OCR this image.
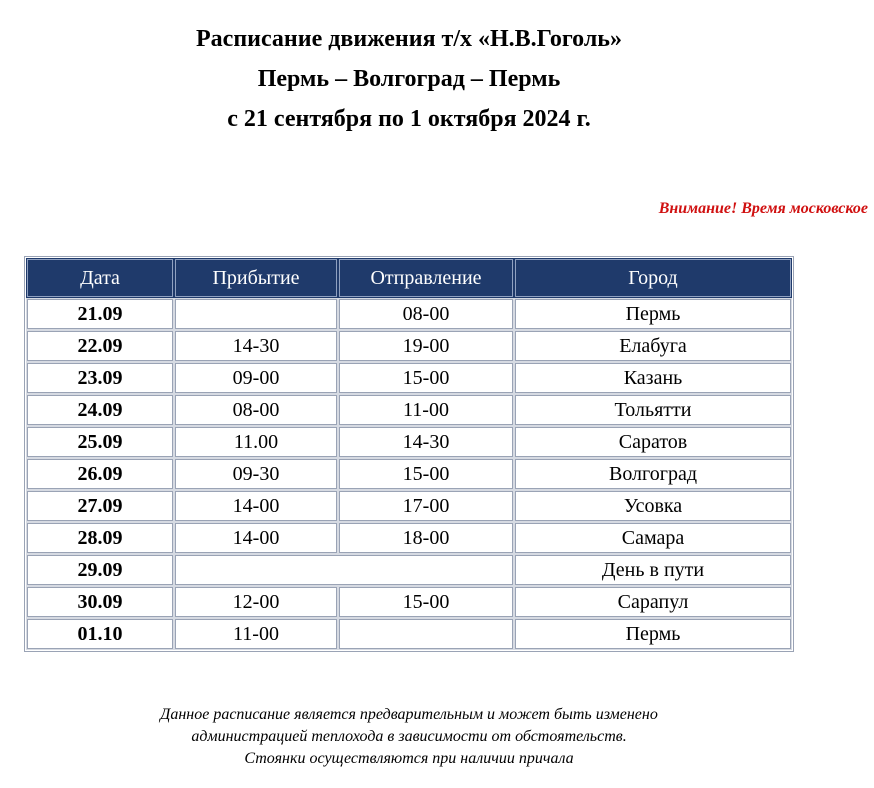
Расписание движения т/х «Н.В.Гоголь»
Пермь – Волгоград – Пермь
с 21 сентября по 1 октября 2024 г.
Внимание! Время московское
Дата	Прибытие	Отправление	Город
21.09		08-00	Пермь
22.09	14-30	19-00	Елабуга
23.09	09-00	15-00	Казань
24.09	08-00	11-00	Тольятти
25.09	11.00	14-30	Саратов
26.09	09-30	15-00	Волгоград
27.09	14-00	17-00	Усовка
28.09	14-00	18-00	Самара
29.09			День в пути
30.09	12-00	15-00	Сарапул
01.10	11-00		Пермь
Данное расписание является предварительным и может быть изменено
администрацией теплохода в зависимости от обстоятельств.
Стоянки осуществляются при наличии причала
